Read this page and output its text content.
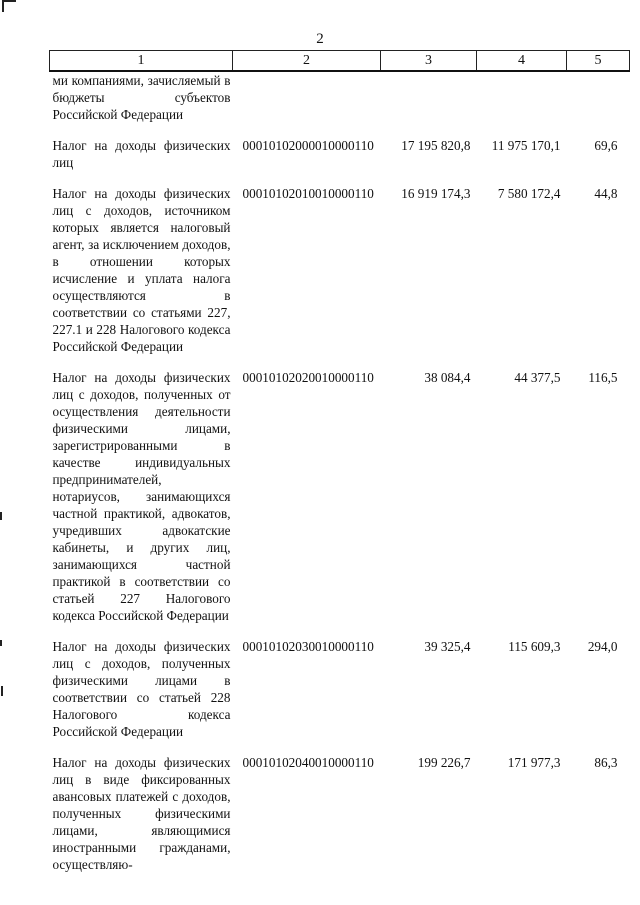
2
1	2	3	4	5
ми компаниями, зачисляемый в бюджеты субъектов Российской Федерации				

Налог на доходы физических лиц	00010102000010000110	17 195 820,8	11 975 170,1	69,6

Налог на доходы физических лиц с доходов, источником которых является налоговый агент, за исключением доходов, в отношении которых исчисление и уплата налога осуществляются в соответствии со статьями 227, 227.1 и 228 Налогового кодекса Российской Федерации	00010102010010000110	16 919 174,3	7 580 172,4	44,8

Налог на доходы физических лиц с доходов, полученных от осуществления деятельности физическими лицами, зарегистрированными в качестве индивидуальных предпринимателей, нотариусов, занимающихся частной практикой, адвокатов, учредивших адвокатские кабинеты, и других лиц, занимающихся частной практикой в соответствии со статьей 227 Налогового кодекса Российской Федерации	00010102020010000110	38 084,4	44 377,5	116,5

Налог на доходы физических лиц с доходов, полученных физическими лицами в соответствии со статьей 228 Налогового кодекса Российской Федерации	00010102030010000110	39 325,4	115 609,3	294,0

Налог на доходы физических лиц в виде фиксированных авансовых платежей с доходов, полученных физическими лицами, являющимися иностранными гражданами, осуществляю-	00010102040010000110	199 226,7	171 977,3	86,3
